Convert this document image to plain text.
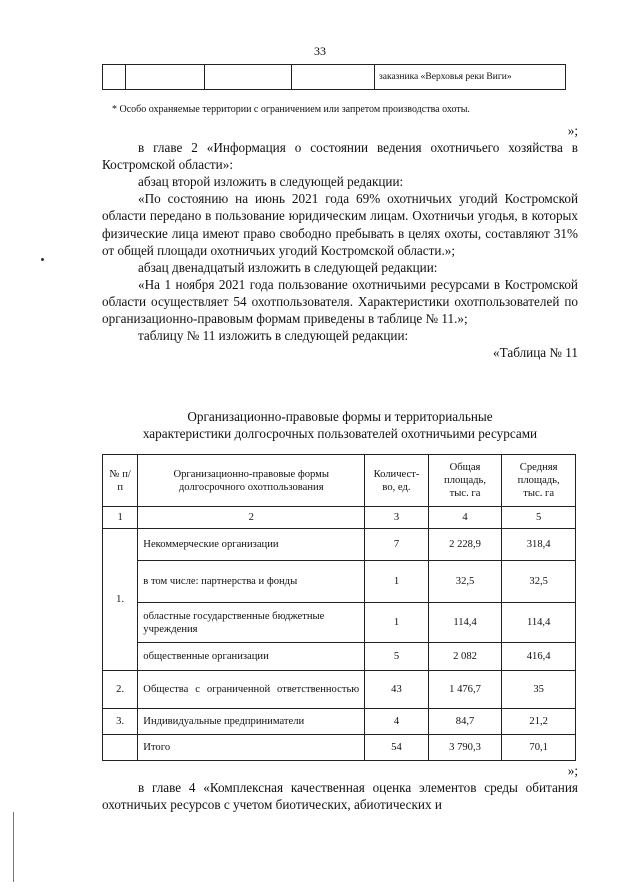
33
				заказника «Верховья реки Виги»
* Особо охраняемые территории с ограничением или запретом производства охоты.

»;

в главе 2 «Информация о состоянии ведения охотничьего хозяйства в Костромской области»:

абзац второй изложить в следующей редакции:

«По состоянию на июнь 2021 года 69% охотничьих угодий Костромской области передано в пользование юридическим лицам. Охотничьи угодья, в которых физические лица имеют право свободно пребывать в целях охоты, составляют 31% от общей площади охотничьих угодий Костромской области.»;

абзац двенадцатый изложить в следующей редакции:

«На 1 ноября 2021 года пользование охотничьими ресурсами в Костромской области осуществляет 54 охотпользователя. Характеристики охотпользователей по организационно-правовым формам приведены в таблице № 11.»;

таблицу № 11 изложить в следующей редакции:

«Таблица № 11

Организационно-правовые формы и территориальные
характеристики долгосрочных пользователей охотничьими ресурсами
№ п/п	Организационно-правовые формы долгосрочного охотпользования	Количест-во, ед.	Общая площадь, тыс. га	Средняя площадь, тыс. га
1	2	3	4	5
1.	Некоммерческие организации	7	2 228,9	318,4
	в том числе: партнерства и фонды	1	32,5	32,5
	областные государственные бюджетные учреждения	1	114,4	114,4
	общественные организации	5	2 082	416,4
2.	Общества с ограниченной ответственностью	43	1 476,7	35
3.	Индивидуальные предприниматели	4	84,7	21,2
	Итого	54	3 790,3	70,1

»;

в главе 4 «Комплексная качественная оценка элементов среды обитания охотничьих ресурсов с учетом биотических, абиотических и
